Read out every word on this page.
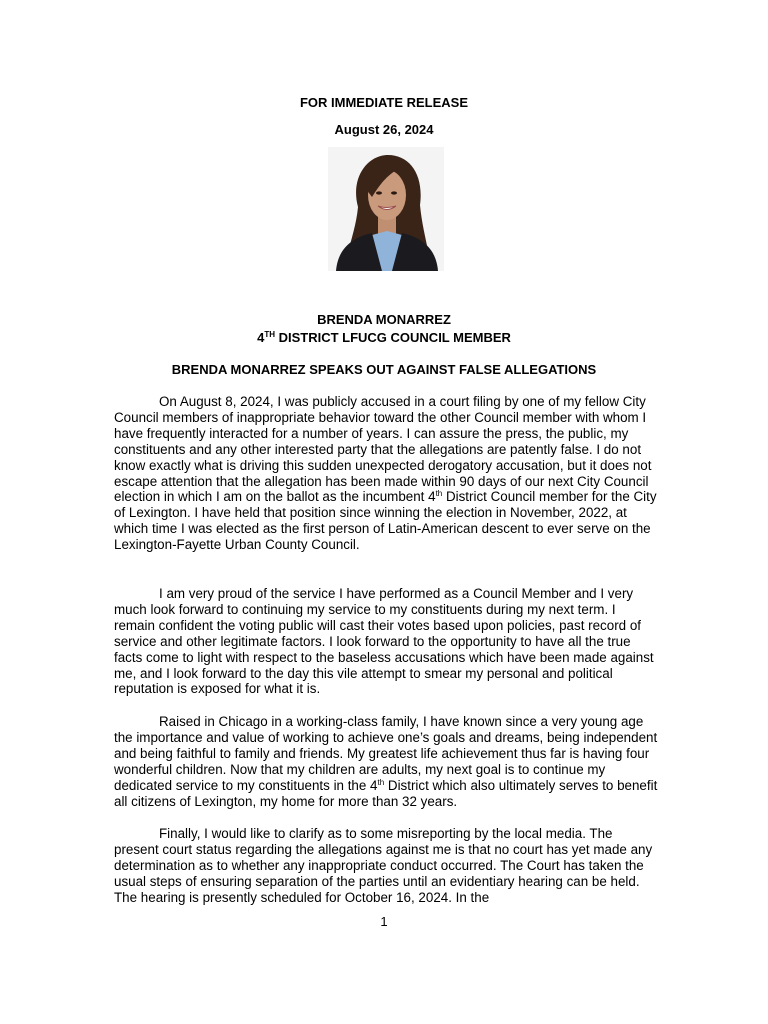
FOR IMMEDIATE RELEASE
August 26, 2024
BRENDA MONARREZ
4TH DISTRICT LFUCG COUNCIL MEMBER
BRENDA MONARREZ SPEAKS OUT AGAINST FALSE ALLEGATIONS

On August 8, 2024, I was publicly accused in a court filing by one of my fellow City Council members of inappropriate behavior toward the other Council member with whom I have frequently interacted for a number of years. I can assure the press, the public, my constituents and any other interested party that the allegations are patently false. I do not know exactly what is driving this sudden unexpected derogatory accusation, but it does not escape attention that the allegation has been made within 90 days of our next City Council election in which I am on the ballot as the incumbent 4th District Council member for the City of Lexington. I have held that position since winning the election in November, 2022, at which time I was elected as the first person of Latin-American descent to ever serve on the Lexington-Fayette Urban County Council.

I am very proud of the service I have performed as a Council Member and I very much look forward to continuing my service to my constituents during my next term. I remain confident the voting public will cast their votes based upon policies, past record of service and other legitimate factors. I look forward to the opportunity to have all the true facts come to light with respect to the baseless accusations which have been made against me, and I look forward to the day this vile attempt to smear my personal and political reputation is exposed for what it is.

Raised in Chicago in a working-class family, I have known since a very young age the importance and value of working to achieve one’s goals and dreams, being independent and being faithful to family and friends. My greatest life achievement thus far is having four wonderful children. Now that my children are adults, my next goal is to continue my dedicated service to my constituents in the 4th District which also ultimately serves to benefit all citizens of Lexington, my home for more than 32 years.

Finally, I would like to clarify as to some misreporting by the local media. The present court status regarding the allegations against me is that no court has yet made any determination as to whether any inappropriate conduct occurred. The Court has taken the usual steps of ensuring separation of the parties until an evidentiary hearing can be held. The hearing is presently scheduled for October 16, 2024. In the

1
